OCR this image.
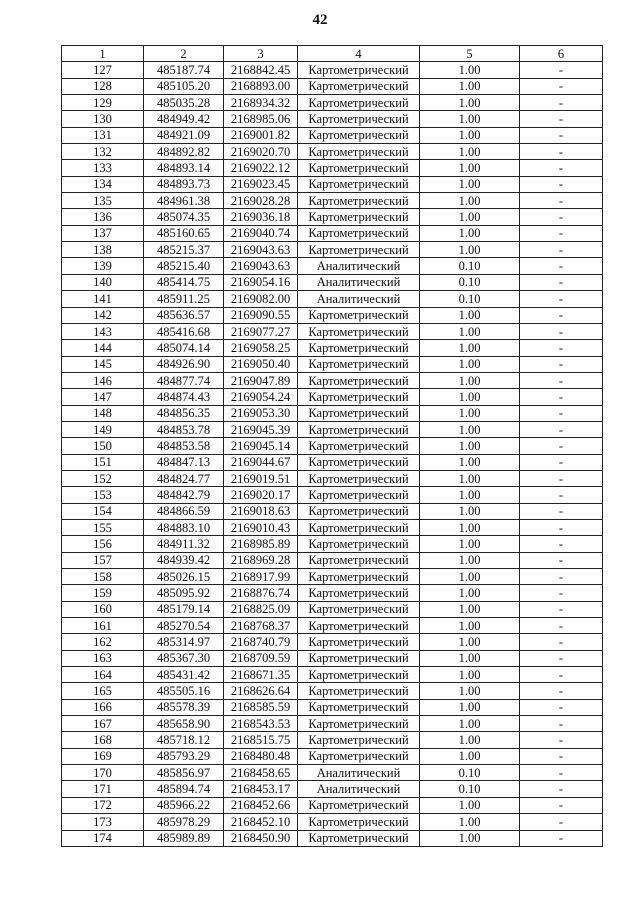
42
1	2	3	4	5	6
127	485187.74	2168842.45	Картометрический	1.00	-
128	485105.20	2168893.00	Картометрический	1.00	-
129	485035.28	2168934.32	Картометрический	1.00	-
130	484949.42	2168985.06	Картометрический	1.00	-
131	484921.09	2169001.82	Картометрический	1.00	-
132	484892.82	2169020.70	Картометрический	1.00	-
133	484893.14	2169022.12	Картометрический	1.00	-
134	484893.73	2169023.45	Картометрический	1.00	-
135	484961.38	2169028.28	Картометрический	1.00	-
136	485074.35	2169036.18	Картометрический	1.00	-
137	485160.65	2169040.74	Картометрический	1.00	-
138	485215.37	2169043.63	Картометрический	1.00	-
139	485215.40	2169043.63	Аналитический	0.10	-
140	485414.75	2169054.16	Аналитический	0.10	-
141	485911.25	2169082.00	Аналитический	0.10	-
142	485636.57	2169090.55	Картометрический	1.00	-
143	485416.68	2169077.27	Картометрический	1.00	-
144	485074.14	2169058.25	Картометрический	1.00	-
145	484926.90	2169050.40	Картометрический	1.00	-
146	484877.74	2169047.89	Картометрический	1.00	-
147	484874.43	2169054.24	Картометрический	1.00	-
148	484856.35	2169053.30	Картометрический	1.00	-
149	484853.78	2169045.39	Картометрический	1.00	-
150	484853.58	2169045.14	Картометрический	1.00	-
151	484847.13	2169044.67	Картометрический	1.00	-
152	484824.77	2169019.51	Картометрический	1.00	-
153	484842.79	2169020.17	Картометрический	1.00	-
154	484866.59	2169018.63	Картометрический	1.00	-
155	484883.10	2169010.43	Картометрический	1.00	-
156	484911.32	2168985.89	Картометрический	1.00	-
157	484939.42	2168969.28	Картометрический	1.00	-
158	485026.15	2168917.99	Картометрический	1.00	-
159	485095.92	2168876.74	Картометрический	1.00	-
160	485179.14	2168825.09	Картометрический	1.00	-
161	485270.54	2168768.37	Картометрический	1.00	-
162	485314.97	2168740.79	Картометрический	1.00	-
163	485367.30	2168709.59	Картометрический	1.00	-
164	485431.42	2168671.35	Картометрический	1.00	-
165	485505.16	2168626.64	Картометрический	1.00	-
166	485578.39	2168585.59	Картометрический	1.00	-
167	485658.90	2168543.53	Картометрический	1.00	-
168	485718.12	2168515.75	Картометрический	1.00	-
169	485793.29	2168480.48	Картометрический	1.00	-
170	485856.97	2168458.65	Аналитический	0.10	-
171	485894.74	2168453.17	Аналитический	0.10	-
172	485966.22	2168452.66	Картометрический	1.00	-
173	485978.29	2168452.10	Картометрический	1.00	-
174	485989.89	2168450.90	Картометрический	1.00	-
